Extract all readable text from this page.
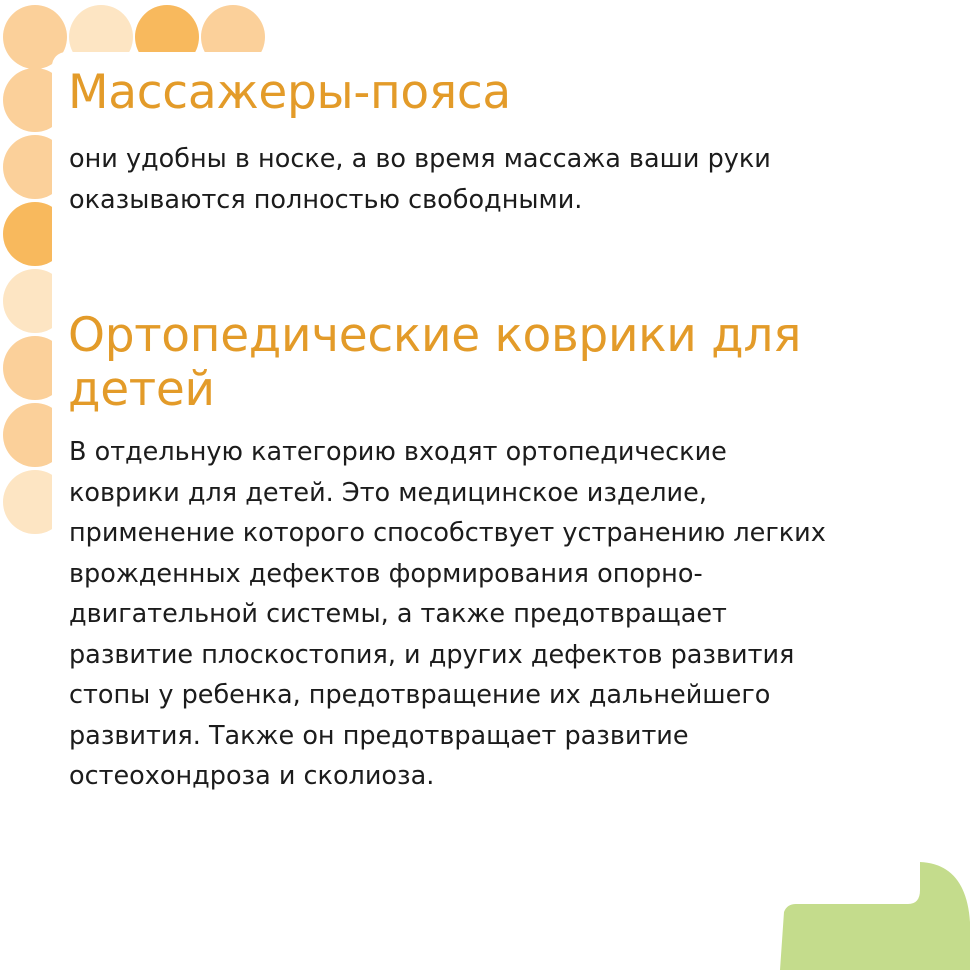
Массажеры-пояса

они удобны в носке, а во время массажа ваши руки
оказываются полностью свободными.

Ортопедические коврики для
детей

В отдельную категорию входят ортопедические
коврики для детей. Это медицинское изделие,
применение которого способствует устранению легких
врожденных дефектов формирования опорно-
двигательной системы, а также предотвращает
развитие плоскостопия, и других дефектов развития
стопы у ребенка, предотвращение их дальнейшего
развития. Также он предотвращает развитие
остеохондроза и сколиоза.
